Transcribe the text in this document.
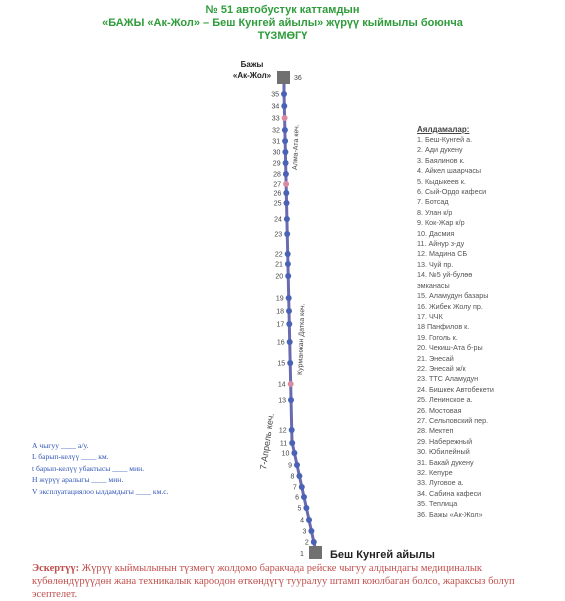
№ 51 автобустук каттамдын
«БАЖЫ «Ак-Жол» – Беш Кунгей айылы» жүрүү кыймылы боюнча
ТҮЗМӨГҮ
Бажы
«Ак-Жол»	36
Беш Кунгей айылы
1
Алма-Ата кеч.
Курманжан Датка кеч.
7-Апрель кеч.
35
34
33
32
31
30
29
28
27
26
25
24
23
22
21
20
19
18
17
16
15
14
13
12
11
10
9
8
7
6
5
4
3
2
Аялдамалар:
1. Беш-Кунгей а.
2. Ади дукену
3. Баялинов к.
4. Айкел шаарчасы
5. Кыдыкеев к.
6. Сый-Ордо кафеси
7. Ботсад
8. Улан к/р
9. Кок-Жар к/р
10. Дасмия
11. Айнур з-ду
12. Мадина СБ
13. Чуй пр.
14. №5 уй-булөө
эмканасы
15. Аламудун базары
16. Жибек Жолу пр.
17. ЧЧК
18 Панфилов к.
19. Гоголь к.
20. Чекиш-Ата б-ры
21. Энесай
22. Энесай ж/к
23. ТТС Аламудун
24. Бишкек Автобекети
25. Ленинское а.
26. Мостовая
27. Сельповский пер.
28. Мектеп
29. Набережный
30. Юбилейный
31. Бакай дукену
32. Кепуре
33. Луговое а.
34. Сабина кафеси
35. Теплица
36. Бажы «Ак-Жол»
А чыгуу ____ а/у.
L барып-келүү ____ км.
t барып-келүү убактысы ____ мин.
Н жүрүү аралыгы ____ мин.
V эксплуатациялоо ылдамдыгы ____ км.с.
Эскертүү: Жүрүү кыймылынын түзмөгү жолдомо баракчада рейске чыгуу алдындагы медициналык кубөлөндүрүүдөн жана техникалык кароодон өткөндүгү тууралуу штамп коюлбаган болсо, жараксыз болуп эсептелет.
